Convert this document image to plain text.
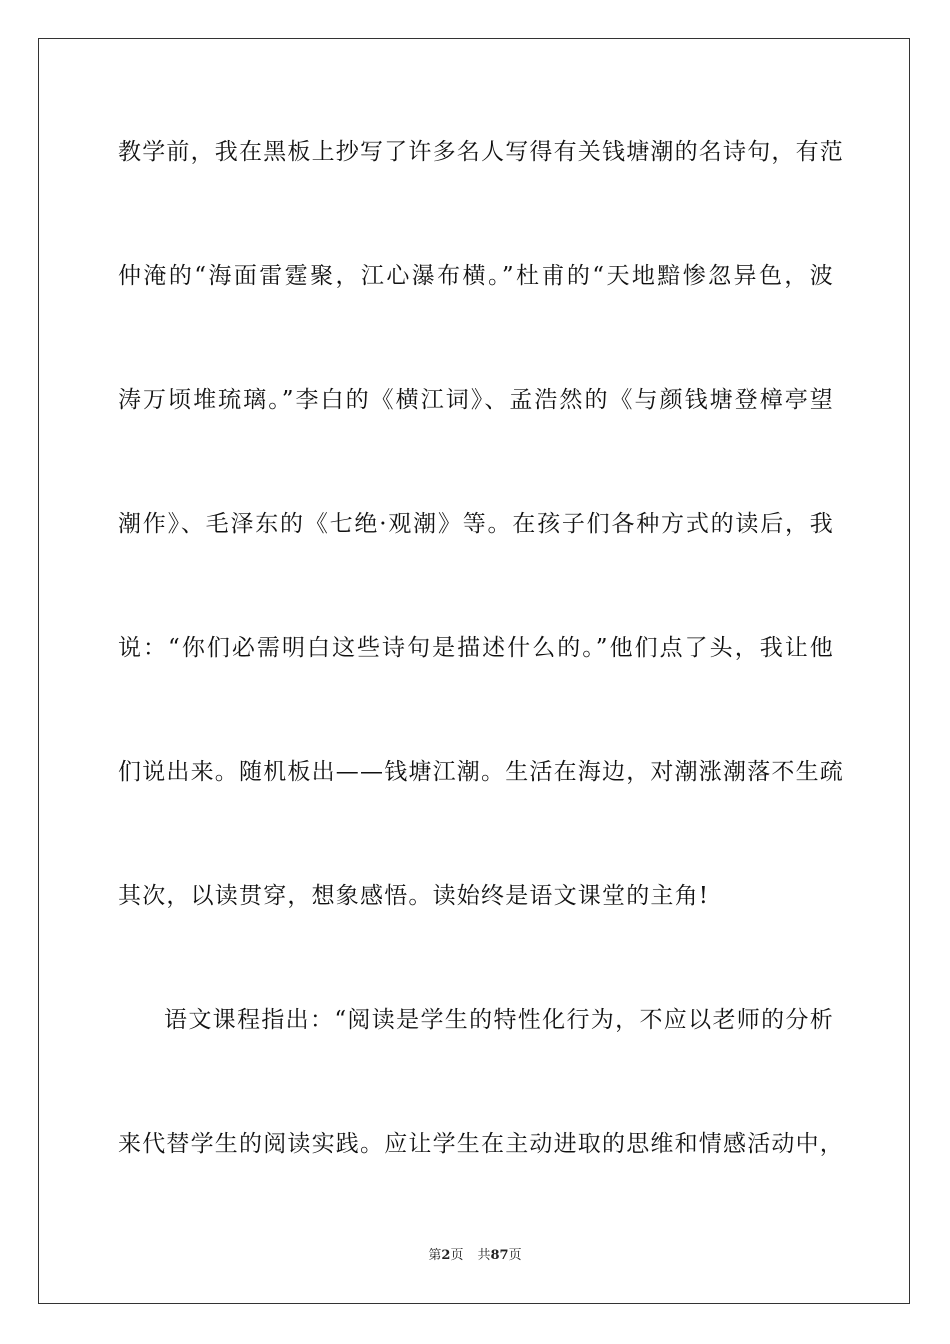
教学前，我在黑板上抄写了许多名人写得有关钱塘潮的名诗句，有范
仲淹的“海面雷霆聚，江心瀑布横。”杜甫的“天地黯惨忽异色，波
涛万顷堆琉璃。”李白的《横江词》、孟浩然的《与颜钱塘登樟亭望
潮作》、毛泽东的《七绝·观潮》等。在孩子们各种方式的读后，我
说：“你们必需明白这些诗句是描述什么的。”他们点了头，我让他
们说出来。随机板出——钱塘江潮。生活在海边，对潮涨潮落不生疏
其次，以读贯穿，想象感悟。读始终是语文课堂的主角!
语文课程指出：“阅读是学生的特性化行为，不应以老师的分析
来代替学生的阅读实践。应让学生在主动进取的思维和情感活动中，
第2页 共87页
